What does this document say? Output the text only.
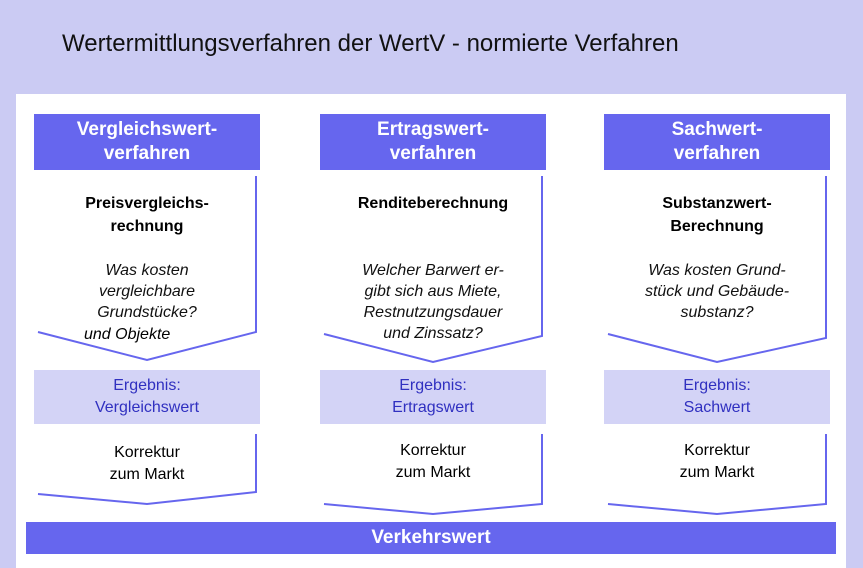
Wertermittlungsverfahren der WertV - normierte Verfahren
Vergleichswert-
verfahren
Preisvergleichs-
rechnung
Was kosten
vergleichbare
Grundstücke?
und Objekte
Ergebnis:
Vergleichswert
Korrektur
zum Markt
Ertragswert-
verfahren
Renditeberechnung
Welcher Barwert er-
gibt sich aus Miete,
Restnutzungsdauer
und Zinssatz?
Ergebnis:
Ertragswert
Korrektur
zum Markt
Sachwert-
verfahren
Substanzwert-
Berechnung
Was kosten Grund-
stück und Gebäude-
substanz?
Ergebnis:
Sachwert
Korrektur
zum Markt
Verkehrswert
